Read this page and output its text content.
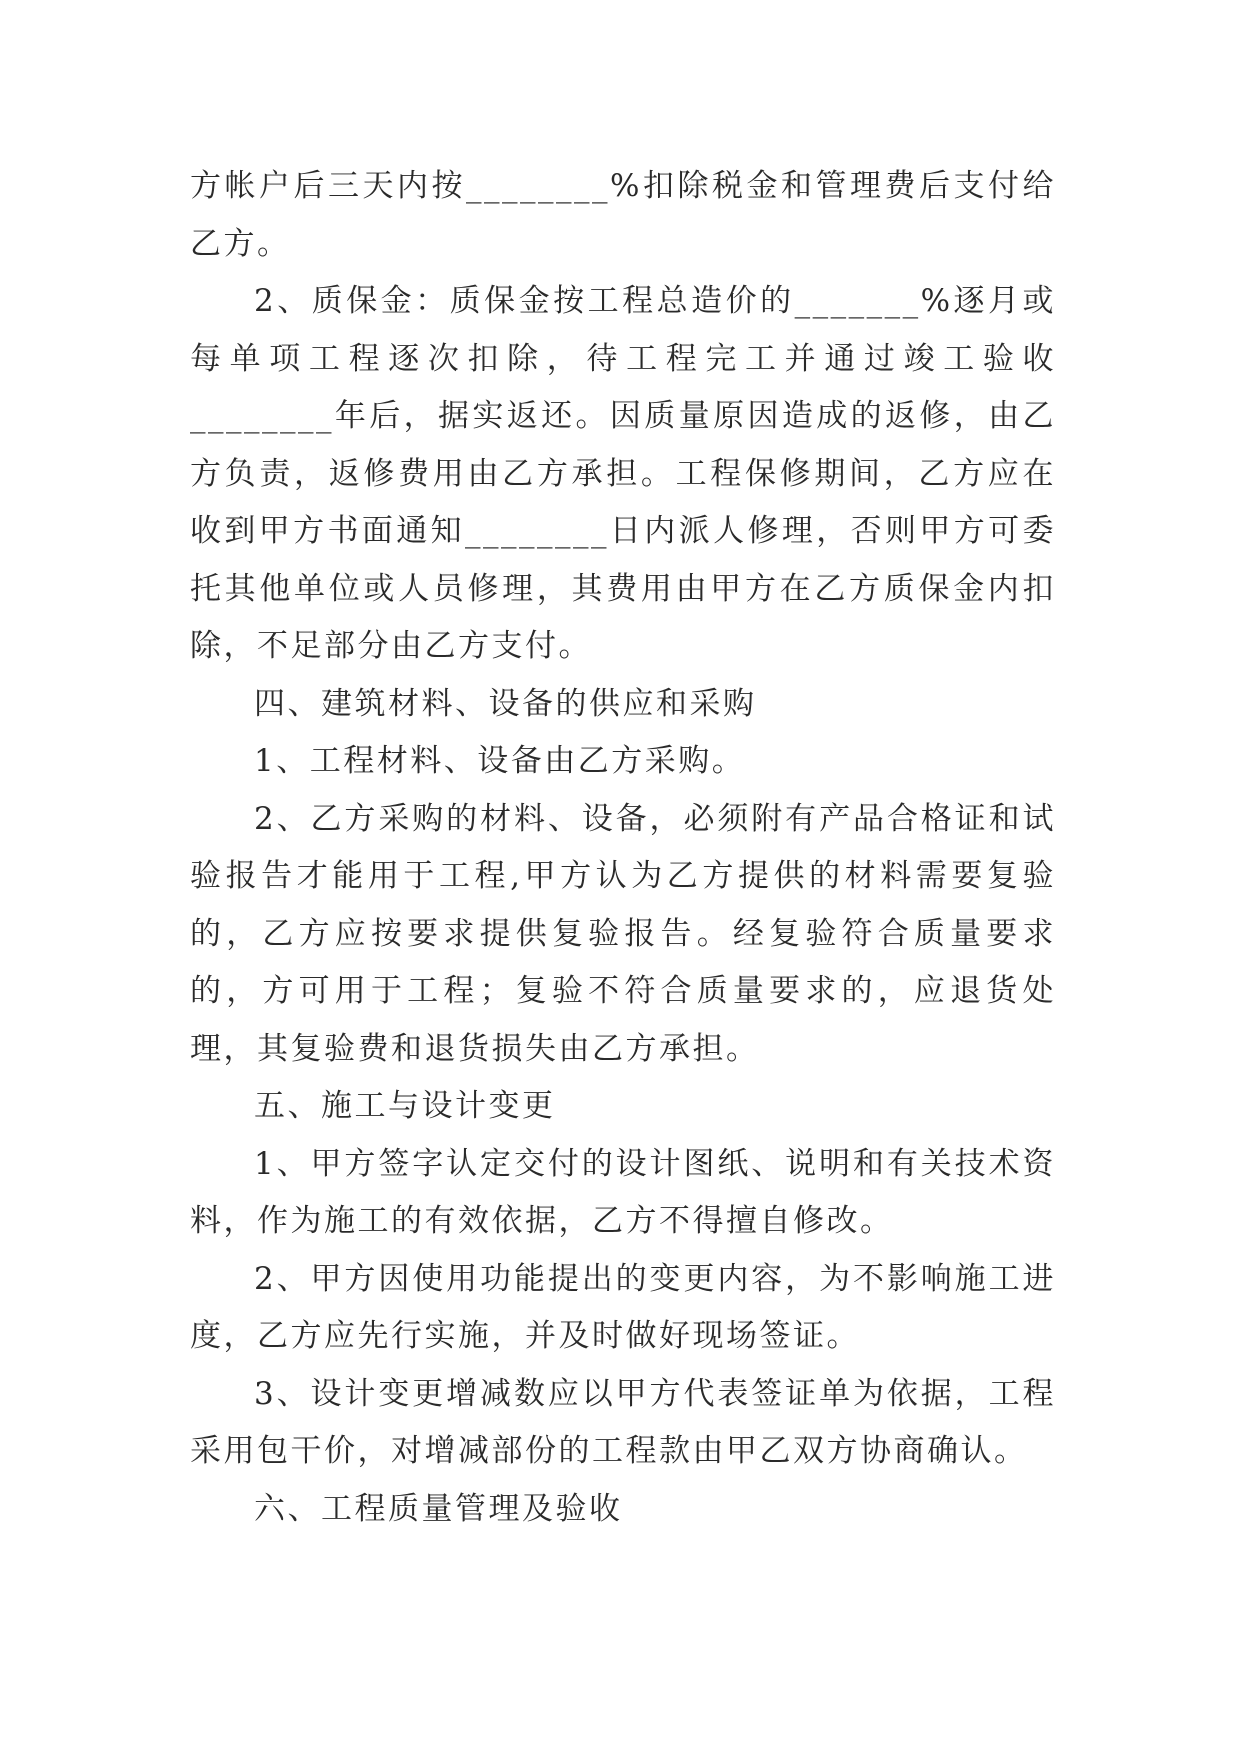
方帐户后三天内按________%扣除税金和管理费后支付给乙方。

2、质保金：质保金按工程总造价的_______%逐月或每单项工程逐次扣除，待工程完工并通过竣工验收________年后，据实返还。因质量原因造成的返修，由乙方负责，返修费用由乙方承担。工程保修期间，乙方应在收到甲方书面通知________日内派人修理，否则甲方可委托其他单位或人员修理，其费用由甲方在乙方质保金内扣除，不足部分由乙方支付。

四、建筑材料、设备的供应和采购

1、工程材料、设备由乙方采购。

2、乙方采购的材料、设备，必须附有产品合格证和试验报告才能用于工程,甲方认为乙方提供的材料需要复验的，乙方应按要求提供复验报告。经复验符合质量要求的，方可用于工程；复验不符合质量要求的，应退货处理，其复验费和退货损失由乙方承担。

五、施工与设计变更

1、甲方签字认定交付的设计图纸、说明和有关技术资料，作为施工的有效依据，乙方不得擅自修改。

2、甲方因使用功能提出的变更内容，为不影响施工进度，乙方应先行实施，并及时做好现场签证。

3、设计变更增减数应以甲方代表签证单为依据，工程采用包干价，对增减部份的工程款由甲乙双方协商确认。

六、工程质量管理及验收
